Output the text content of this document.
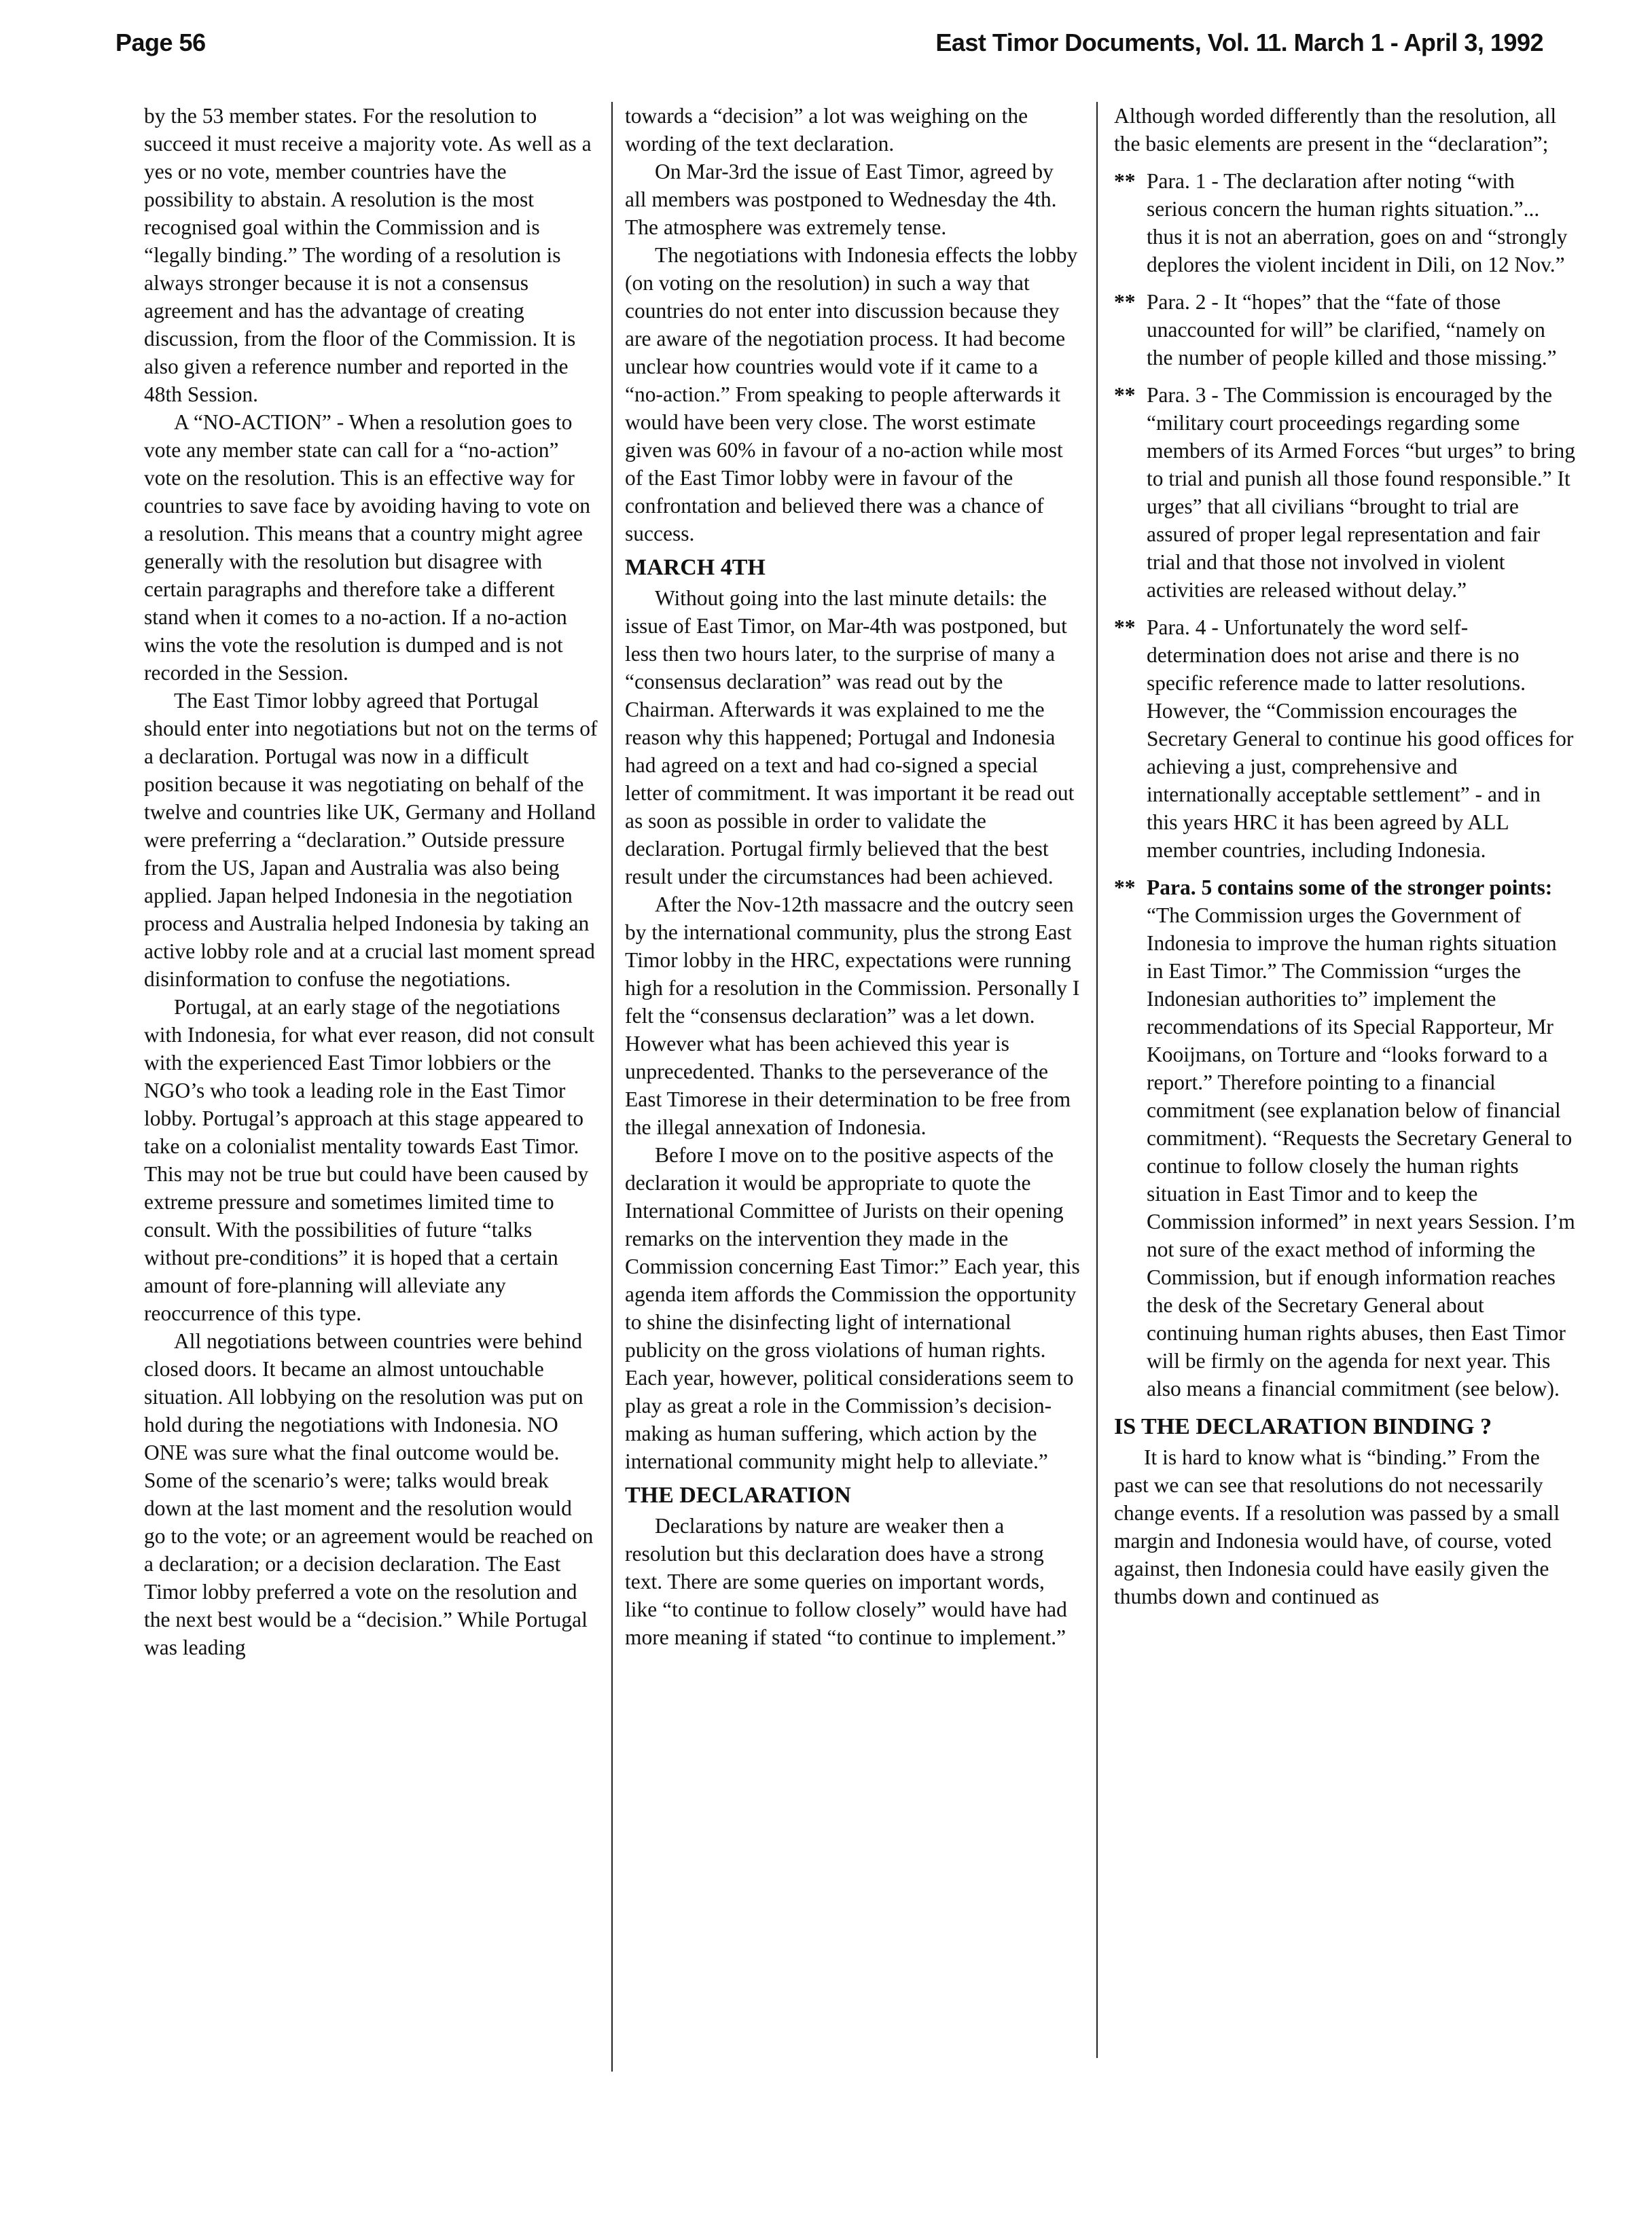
Page 56	East Timor Documents, Vol. 11. March 1 - April 3, 1992

by the 53 member states. For the resolution to succeed it must receive a majority vote. As well as a yes or no vote, member countries have the possibility to abstain. A resolution is the most recognised goal within the Commission and is “legally binding.” The wording of a resolution is always stronger because it is not a consensus agreement and has the advantage of creating discussion, from the floor of the Commission. It is also given a reference number and reported in the 48th Session.

A “NO-ACTION” - When a resolution goes to vote any member state can call for a “no-action” vote on the resolution. This is an effective way for countries to save face by avoiding having to vote on a resolution. This means that a country might agree generally with the resolution but disagree with certain paragraphs and therefore take a different stand when it comes to a no-action. If a no-action wins the vote the resolution is dumped and is not recorded in the Session.

The East Timor lobby agreed that Portugal should enter into negotiations but not on the terms of a declaration. Portugal was now in a difficult position because it was negotiating on behalf of the twelve and countries like UK, Germany and Holland were preferring a “declaration.” Outside pressure from the US, Japan and Australia was also being applied. Japan helped Indonesia in the negotiation process and Australia helped Indonesia by taking an active lobby role and at a crucial last moment spread disinformation to confuse the negotiations.

Portugal, at an early stage of the negotiations with Indonesia, for what ever reason, did not consult with the experienced East Timor lobbiers or the NGO’s who took a leading role in the East Timor lobby. Portugal’s approach at this stage appeared to take on a colonialist mentality towards East Timor. This may not be true but could have been caused by extreme pressure and sometimes limited time to consult. With the possibilities of future “talks without pre-conditions” it is hoped that a certain amount of fore-planning will alleviate any reoccurrence of this type.

All negotiations between countries were behind closed doors. It became an almost untouchable situation. All lobbying on the resolution was put on hold during the negotiations with Indonesia. NO ONE was sure what the final outcome would be. Some of the scenario’s were; talks would break down at the last moment and the resolution would go to the vote; or an agreement would be reached on a declaration; or a decision declaration. The East Timor lobby preferred a vote on the resolution and the next best would be a “decision.” While Portugal was leading

towards a “decision” a lot was weighing on the wording of the text declaration.

On Mar-3rd the issue of East Timor, agreed by all members was postponed to Wednesday the 4th. The atmosphere was extremely tense.

The negotiations with Indonesia effects the lobby (on voting on the resolution) in such a way that countries do not enter into discussion because they are aware of the negotiation process. It had become unclear how countries would vote if it came to a “no-action.” From speaking to people afterwards it would have been very close. The worst estimate given was 60% in favour of a no-action while most of the East Timor lobby were in favour of the confrontation and believed there was a chance of success.

MARCH 4TH

Without going into the last minute details: the issue of East Timor, on Mar-4th was postponed, but less then two hours later, to the surprise of many a “consensus declaration” was read out by the Chairman. Afterwards it was explained to me the reason why this happened; Portugal and Indonesia had agreed on a text and had co-signed a special letter of commitment. It was important it be read out as soon as possible in order to validate the declaration. Portugal firmly believed that the best result under the circumstances had been achieved.

After the Nov-12th massacre and the outcry seen by the international community, plus the strong East Timor lobby in the HRC, expectations were running high for a resolution in the Commission. Personally I felt the “consensus declaration” was a let down. However what has been achieved this year is unprecedented. Thanks to the perseverance of the East Timorese in their determination to be free from the illegal annexation of Indonesia.

Before I move on to the positive aspects of the declaration it would be appropriate to quote the International Committee of Jurists on their opening remarks on the intervention they made in the Commission concerning East Timor:” Each year, this agenda item affords the Commission the opportunity to shine the disinfecting light of international publicity on the gross violations of human rights. Each year, however, political considerations seem to play as great a role in the Commission’s decision-making as human suffering, which action by the international community might help to alleviate.”

THE DECLARATION

Declarations by nature are weaker then a resolution but this declaration does have a strong text. There are some queries on important words, like “to continue to follow closely” would have had more meaning if stated “to continue to implement.”

Although worded differently than the resolution, all the basic elements are present in the “declaration”;

** Para. 1 - The declaration after noting “with serious concern the human rights situation.”... thus it is not an aberration, goes on and “strongly deplores the violent incident in Dili, on 12 Nov.”
** Para. 2 - It “hopes” that the “fate of those unaccounted for will” be clarified, “namely on the number of people killed and those missing.”
** Para. 3 - The Commission is encouraged by the “military court proceedings regarding some members of its Armed Forces “but urges” to bring to trial and punish all those found responsible.” It urges” that all civilians “brought to trial are assured of proper legal representation and fair trial and that those not involved in violent activities are released without delay.”
** Para. 4 - Unfortunately the word self-determination does not arise and there is no specific reference made to latter resolutions. However, the “Commission encourages the Secretary General to continue his good offices for achieving a just, comprehensive and internationally acceptable settlement” - and in this years HRC it has been agreed by ALL member countries, including Indonesia.
** Para. 5 contains some of the stronger points: “The Commission urges the Government of Indonesia to improve the human rights situation in East Timor.” The Commission “urges the Indonesian authorities to” implement the recommendations of its Special Rapporteur, Mr Kooijmans, on Torture and “looks forward to a report.” Therefore pointing to a financial commitment (see explanation below of financial commitment). “Requests the Secretary General to continue to follow closely the human rights situation in East Timor and to keep the Commission informed” in next years Session. I’m not sure of the exact method of informing the Commission, but if enough information reaches the desk of the Secretary General about continuing human rights abuses, then East Timor will be firmly on the agenda for next year. This also means a financial commitment (see below).
IS THE DECLARATION BINDING ?

It is hard to know what is “binding.” From the past we can see that resolutions do not necessarily change events. If a resolution was passed by a small margin and Indonesia would have, of course, voted against, then Indonesia could have easily given the thumbs down and continued as
